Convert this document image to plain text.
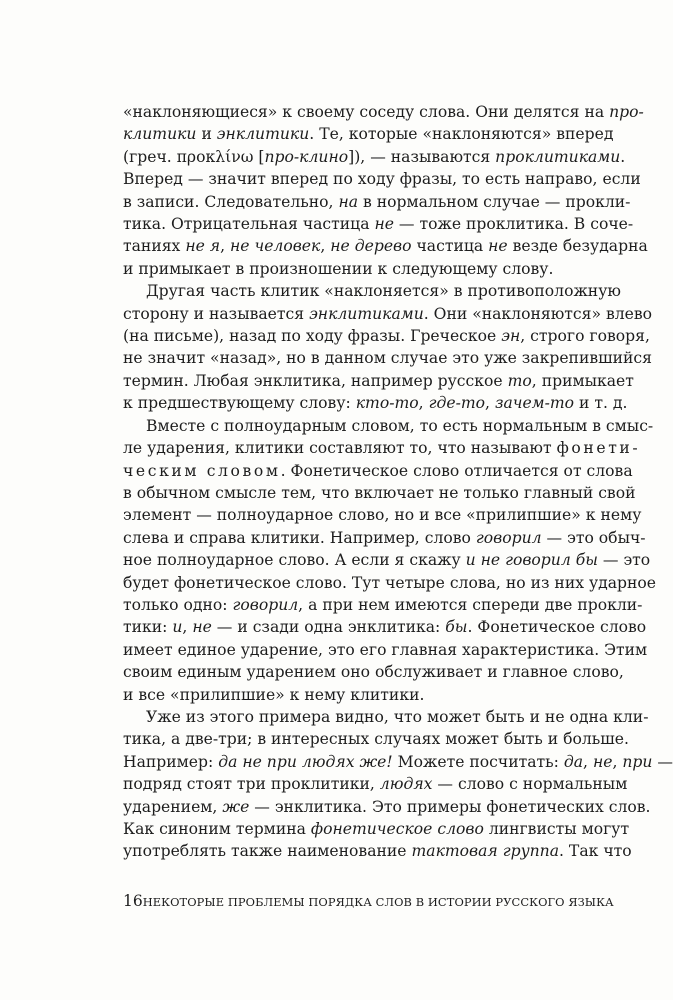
«наклоняющиеся» к своему соседу слова. Они делятся на про-
клитики и энклитики. Те, которые «наклоняются» вперед
(греч. προκλίνω [про-клино]), — называются проклитиками.
Вперед — значит вперед по ходу фразы, то есть направо, если
в записи. Следовательно, на в нормальном случае — прокли-
тика. Отрицательная частица не — тоже проклитика. В соче-
таниях не я, не человек, не дерево частица не везде безударна
и примыкает в произношении к следующему слову.
Другая часть клитик «наклоняется» в противоположную
сторону и называется энклитиками. Они «наклоняются» влево
(на письме), назад по ходу фразы. Греческое эн, строго говоря,
не значит «назад», но в данном случае это уже закрепившийся
термин. Любая энклитика, например русское то, примыкает
к предшествующему слову: кто-то, где-то, зачем-то и т. д.
Вместе с полноударным словом, то есть нормальным в смыс-
ле ударения, клитики составляют то, что называют фонети-
ческим словом. Фонетическое слово отличается от слова
в обычном смысле тем, что включает не только главный свой
элемент — полноударное слово, но и все «прилипшие» к нему
слева и справа клитики. Например, слово говорил — это обыч-
ное полноударное слово. А если я скажу и не говорил бы — это
будет фонетическое слово. Тут четыре слова, но из них ударное
только одно: говорил, а при нем имеются спереди две прокли-
тики: и, не — и сзади одна энклитика: бы. Фонетическое слово
имеет единое ударение, это его главная характеристика. Этим
своим единым ударением оно обслуживает и главное слово,
и все «прилипшие» к нему клитики.
Уже из этого примера видно, что может быть и не одна кли-
тика, а две-три; в интересных случаях может быть и больше.
Например: да не при людях же! Можете посчитать: да, не, при —
подряд стоят три проклитики, людях — слово с нормальным
ударением, же — энклитика. Это примеры фонетических слов.
Как синоним термина фонетическое слово лингвисты могут
употреблять также наименование тактовая группа. Так что
16 НЕКОТОРЫЕ ПРОБЛЕМЫ ПОРЯДКА СЛОВ В ИСТОРИИ РУССКОГО ЯЗЫКА
